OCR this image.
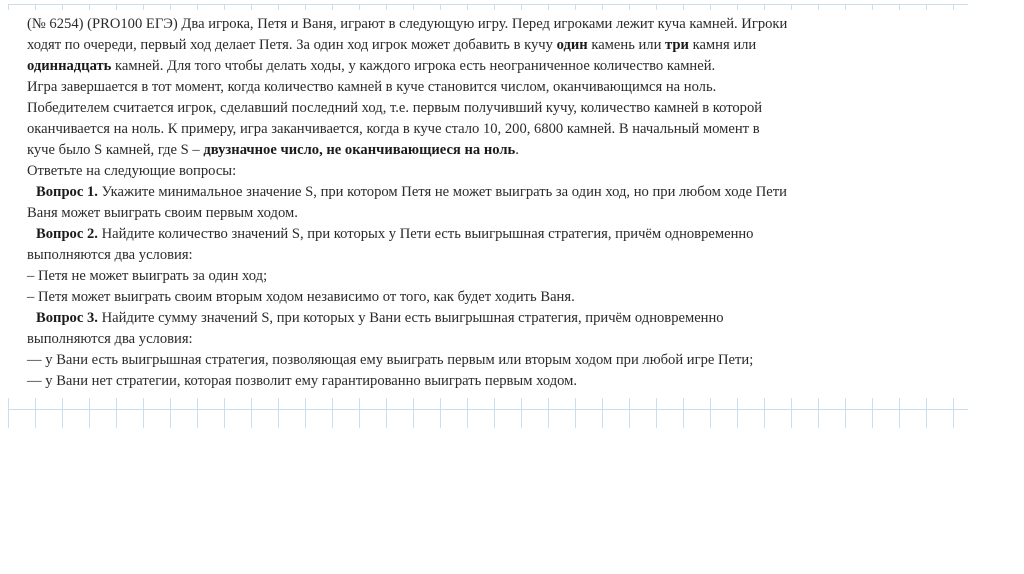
(№ 6254) (PRO100 ЕГЭ) Два игрока, Петя и Ваня, играют в следующую игру. Перед игроками лежит куча камней. Игроки
ходят по очереди, первый ход делает Петя. За один ход игрок может добавить в кучу один камень или три камня или
одиннадцать камней. Для того чтобы делать ходы, у каждого игрока есть неограниченное количество камней.
Игра завершается в тот момент, когда количество камней в куче становится числом, оканчивающимся на ноль.
Победителем считается игрок, сделавший последний ход, т.е. первым получивший кучу, количество камней в которой
оканчивается на ноль. К примеру, игра заканчивается, когда в куче стало 10, 200, 6800 камней. В начальный момент в
куче было S камней, где S – двузначное число, не оканчивающиеся на ноль.
Ответьте на следующие вопросы:
Вопрос 1. Укажите минимальное значение S, при котором Петя не может выиграть за один ход, но при любом ходе Пети
Ваня может выиграть своим первым ходом.
Вопрос 2. Найдите количество значений S, при которых у Пети есть выигрышная стратегия, причём одновременно
выполняются два условия:
– Петя не может выиграть за один ход;
– Петя может выиграть своим вторым ходом независимо от того, как будет ходить Ваня.
Вопрос 3. Найдите сумму значений S, при которых у Вани есть выигрышная стратегия, причём одновременно
выполняются два условия:
— у Вани есть выигрышная стратегия, позволяющая ему выиграть первым или вторым ходом при любой игре Пети;
— у Вани нет стратегии, которая позволит ему гарантированно выиграть первым ходом.
